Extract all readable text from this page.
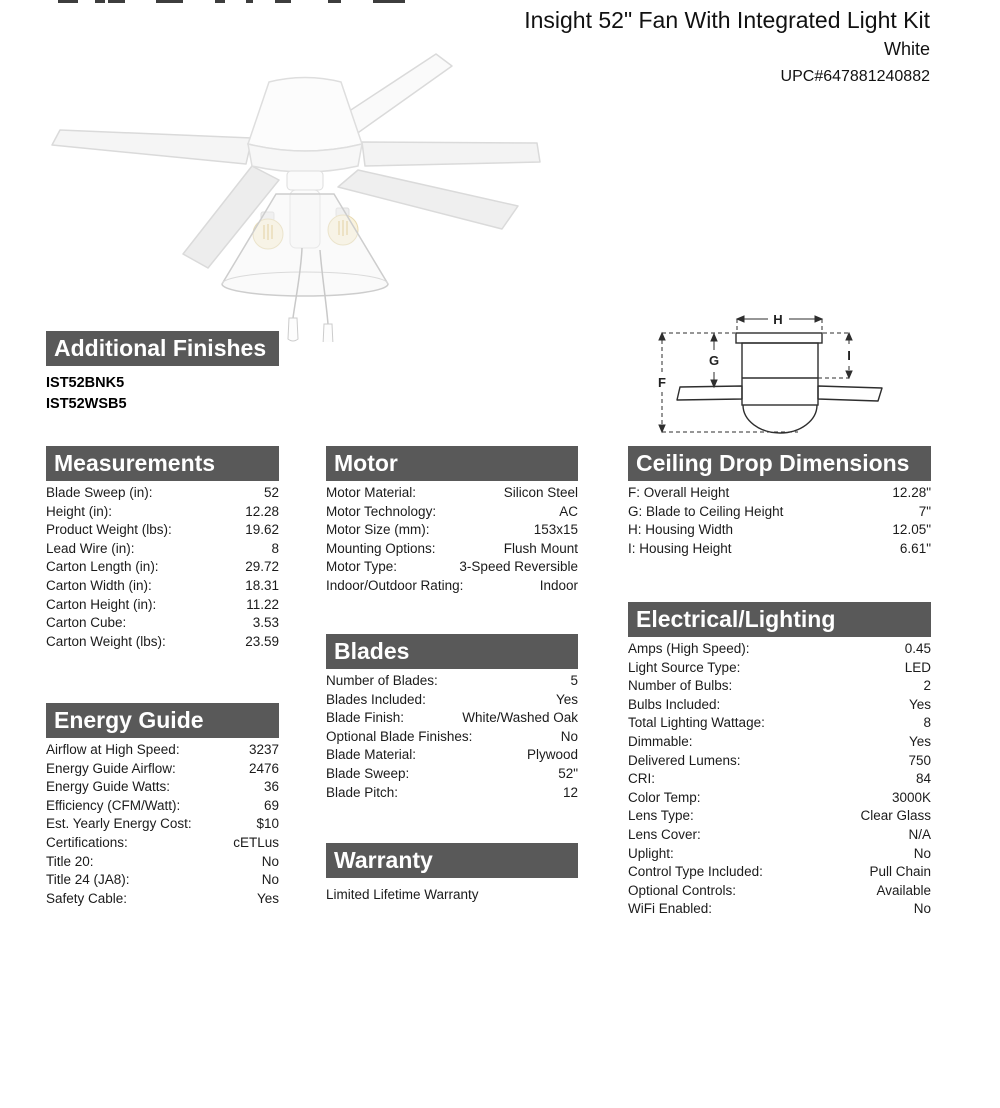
Insight 52" Fan With Integrated Light Kit
White
UPC#647881240882
F
G
H
I
Additional Finishes
IST52BNK5
IST52WSB5
Measurements
Blade Sweep (in):	52
Height (in):	12.28
Product Weight (lbs):	19.62
Lead Wire (in):	8
Carton Length (in):	29.72
Carton Width (in):	18.31
Carton Height (in):	11.22
Carton Cube:	3.53
Carton Weight (lbs):	23.59
Energy Guide
Airflow at High Speed:	3237
Energy Guide Airflow:	2476
Energy Guide Watts:	36
Efficiency (CFM/Watt):	69
Est. Yearly Energy Cost:	$10
Certifications:	cETLus
Title 20:	No
Title 24 (JA8):	No
Safety Cable:	Yes
Motor
Motor Material:	Silicon Steel
Motor Technology:	AC
Motor Size (mm):	153x15
Mounting Options:	Flush Mount
Motor Type:	3-Speed Reversible
Indoor/Outdoor Rating:	Indoor
Blades
Number of Blades:	5
Blades Included:	Yes
Blade Finish:	White/Washed Oak
Optional Blade Finishes:	No
Blade Material:	Plywood
Blade Sweep:	52"
Blade Pitch:	12
Warranty
Limited Lifetime Warranty
Ceiling Drop Dimensions
F: Overall Height	12.28"
G: Blade to Ceiling Height	7"
H: Housing Width	12.05"
I: Housing Height	6.61"
Electrical/Lighting
Amps (High Speed):	0.45
Light Source Type:	LED
Number of Bulbs:	2
Bulbs Included:	Yes
Total Lighting Wattage:	8
Dimmable:	Yes
Delivered Lumens:	750
CRI:	84
Color Temp:	3000K
Lens Type:	Clear Glass
Lens Cover:	N/A
Uplight:	No
Control Type Included:	Pull Chain
Optional Controls:	Available
WiFi Enabled:	No
